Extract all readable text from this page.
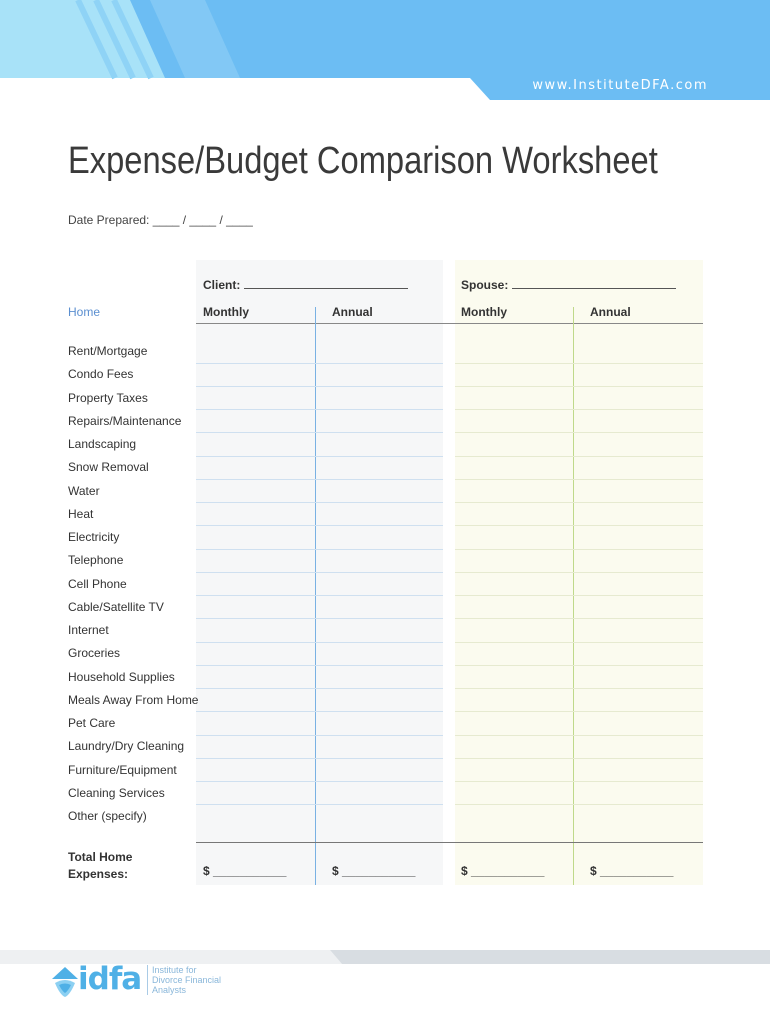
www.InstituteDFA.com
Expense/Budget Comparison Worksheet
Date Prepared: ____ / ____ / ____
Client:	Spouse:
Home	Monthly	Annual	Monthly	Annual
Rent/Mortgage
Condo Fees
Property Taxes
Repairs/Maintenance
Landscaping
Snow Removal
Water
Heat
Electricity
Telephone
Cell Phone
Cable/Satellite TV
Internet
Groceries
Household Supplies
Meals Away From Home
Pet Care
Laundry/Dry Cleaning
Furniture/Equipment
Cleaning Services
Other (specify)
Total Home
Expenses:	$ ___________	$ ___________	$ ___________	$ ___________
idfa Institute for
Divorce Financial
Analysts
